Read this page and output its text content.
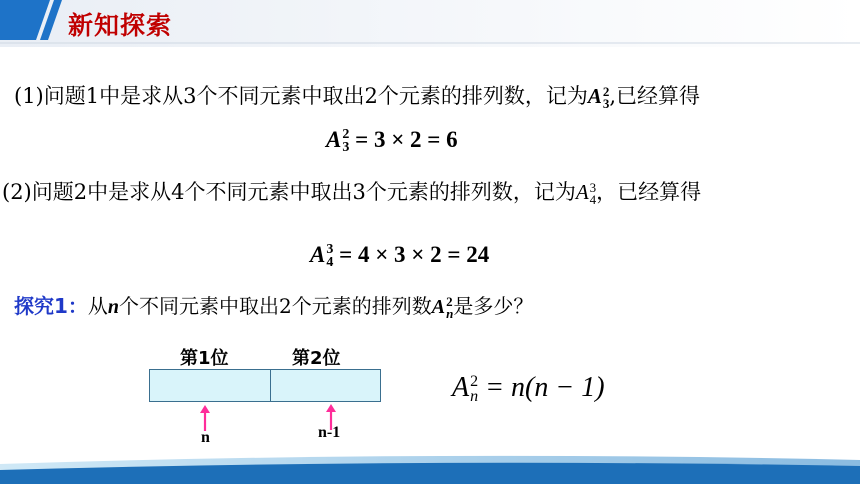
新知探索
(1)问题1中是求从3个不同元素中取出2个元素的排列数，记为A 2
3 ,已经算得
A 2
3 = 3 × 2 = 6
(2)问题2中是求从4个不同元素中取出3个元素的排列数，记为A 3
4 ，已经算得
A 3
4 = 4 × 3 × 2 = 24
探究1：从n个不同元素中取出2个元素的排列数A 2
n 是多少？
第1位	第2位
n	n-1
A 2
n = n(n − 1)
